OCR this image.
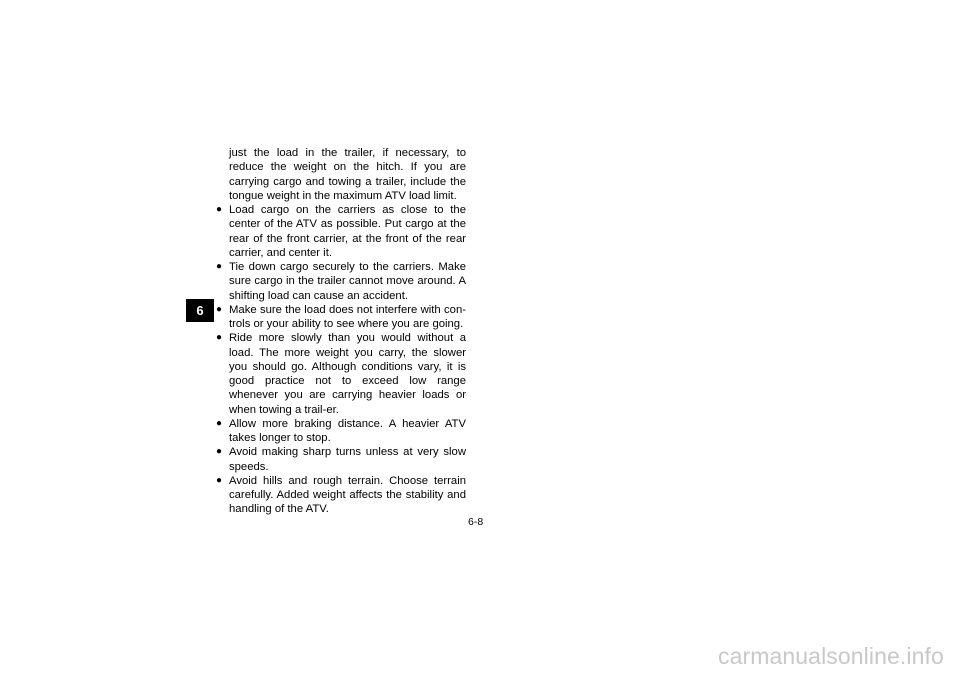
6

just the load in the trailer, if necessary, to reduce the weight on the hitch. If you are carrying cargo and towing a trailer, include the tongue weight in the maximum ATV load limit.

● Load cargo on the carriers as close to the center of the ATV as possible. Put cargo at the rear of the front carrier, at the front of the rear carrier, and center it.
● Tie down cargo securely to the carriers. Make sure cargo in the trailer cannot move around. A shifting load can cause an accident.
● Make sure the load does not interfere with con-trols or your ability to see where you are going.
● Ride more slowly than you would without a load. The more weight you carry, the slower you should go. Although conditions vary, it is good practice not to exceed low range whenever you are carrying heavier loads or when towing a trail-er.
● Allow more braking distance. A heavier ATV takes longer to stop.
● Avoid making sharp turns unless at very slow speeds.
● Avoid hills and rough terrain. Choose terrain carefully. Added weight affects the stability and handling of the ATV.
6-8
carmanualsonline.info
